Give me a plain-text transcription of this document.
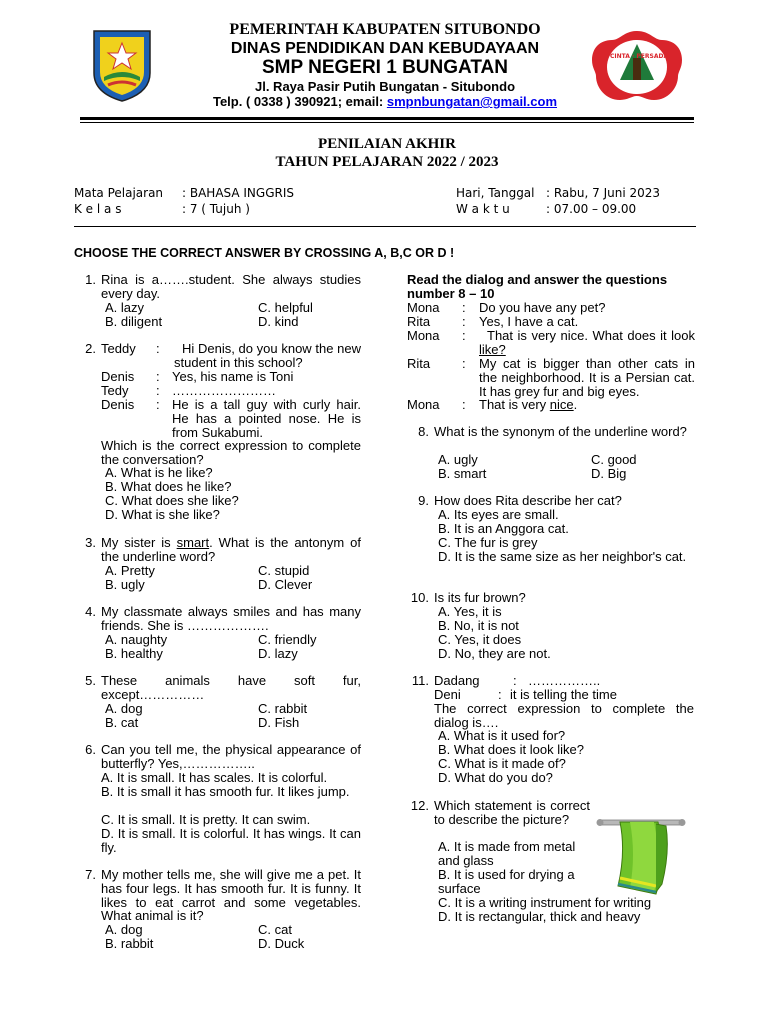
PEMERINTAH KABUPATEN SITUBONDO
DINAS PENDIDIKAN DAN KEBUDAYAAN
SMP NEGERI 1 BUNGATAN
Jl. Raya Pasir Putih Bungatan - Situbondo
Telp. ( 0338 ) 390921; email: smpnbungatan@gmail.com
CINTA · PERSADA
PENILAIAN AKHIR
TAHUN PELAJARAN 2022 / 2023
Mata Pelajaran : BAHASA INGGRIS
K e l a s	: 7 ( Tujuh )
Hari, Tanggal : Rabu, 7 Juni 2023
W a k t u	: 07.00 – 09.00
CHOOSE THE CORRECT ANSWER BY CROSSING A, B,C OR D !
1. Rina is a…….student. She always studies every day.
A. lazy	C. helpful
B. diligent	D. kind
2. Teddy :	Hi Denis, do you know the new student in this school?
Denis : Yes, his name is Toni
Tedy : ……………………
Denis : He is a tall guy with curly hair. He has a pointed nose. He is from Sukabumi.
Which is the correct expression to complete the conversation?
A. What is he like?
B. What does he like?
C. What does she like?
D. What is she like?
3. My sister is smart. What is the antonym of the underline word?
A. Pretty	C. stupid
B. ugly	D. Clever
4. My classmate always smiles and has many friends. She is ……………….
A. naughty	C. friendly
B. healthy	D. lazy
5. These animals have soft fur, except……………
A. dog	C. rabbit
B. cat	D. Fish
6. Can you tell me, the physical appearance of butterfly? Yes,……………..
A. It is small. It has scales. It is colorful.
B. It is small it has smooth fur. It likes jump.
C. It is small. It is pretty. It can swim.
D. It is small. It is colorful. It has wings. It can fly.
7. My mother tells me, she will give me a pet. It has four legs. It has smooth fur. It is funny. It likes to eat carrot and some vegetables. What animal is it?
A. dog	C. cat
B. rabbit	D. Duck
Read the dialog and answer the questions number 8 – 10
Mona : Do you have any pet?
Rita : Yes, I have a cat.
Mona :	That is very nice. What does it look like?
Rita : My cat is bigger than other cats in the neighborhood. It is a Persian cat. It has grey fur and big eyes.
Mona : That is very nice.
8. What is the synonym of the underline word?
A. ugly	C. good
B. smart	D. Big
9. How does Rita describe her cat?
A. Its eyes are small.
B. It is an Anggora cat.
C. The fur is grey
D. It is the same size as her neighbor's cat.
10. Is its fur brown?
A. Yes, it is
B. No, it is not
C. Yes, it does
D. No, they are not.
11. Dadang	: ……………..
Deni	: it is telling the time
The correct expression to complete the dialog is….
A. What is it used for?
B. What does it look like?
C. What is it made of?
D. What do you do?
12. Which statement is correct to describe the picture?
A. It is made from metal and glass
B. It is used for drying a surface
C. It is a writing instrument for writing
D. It is rectangular, thick and heavy
